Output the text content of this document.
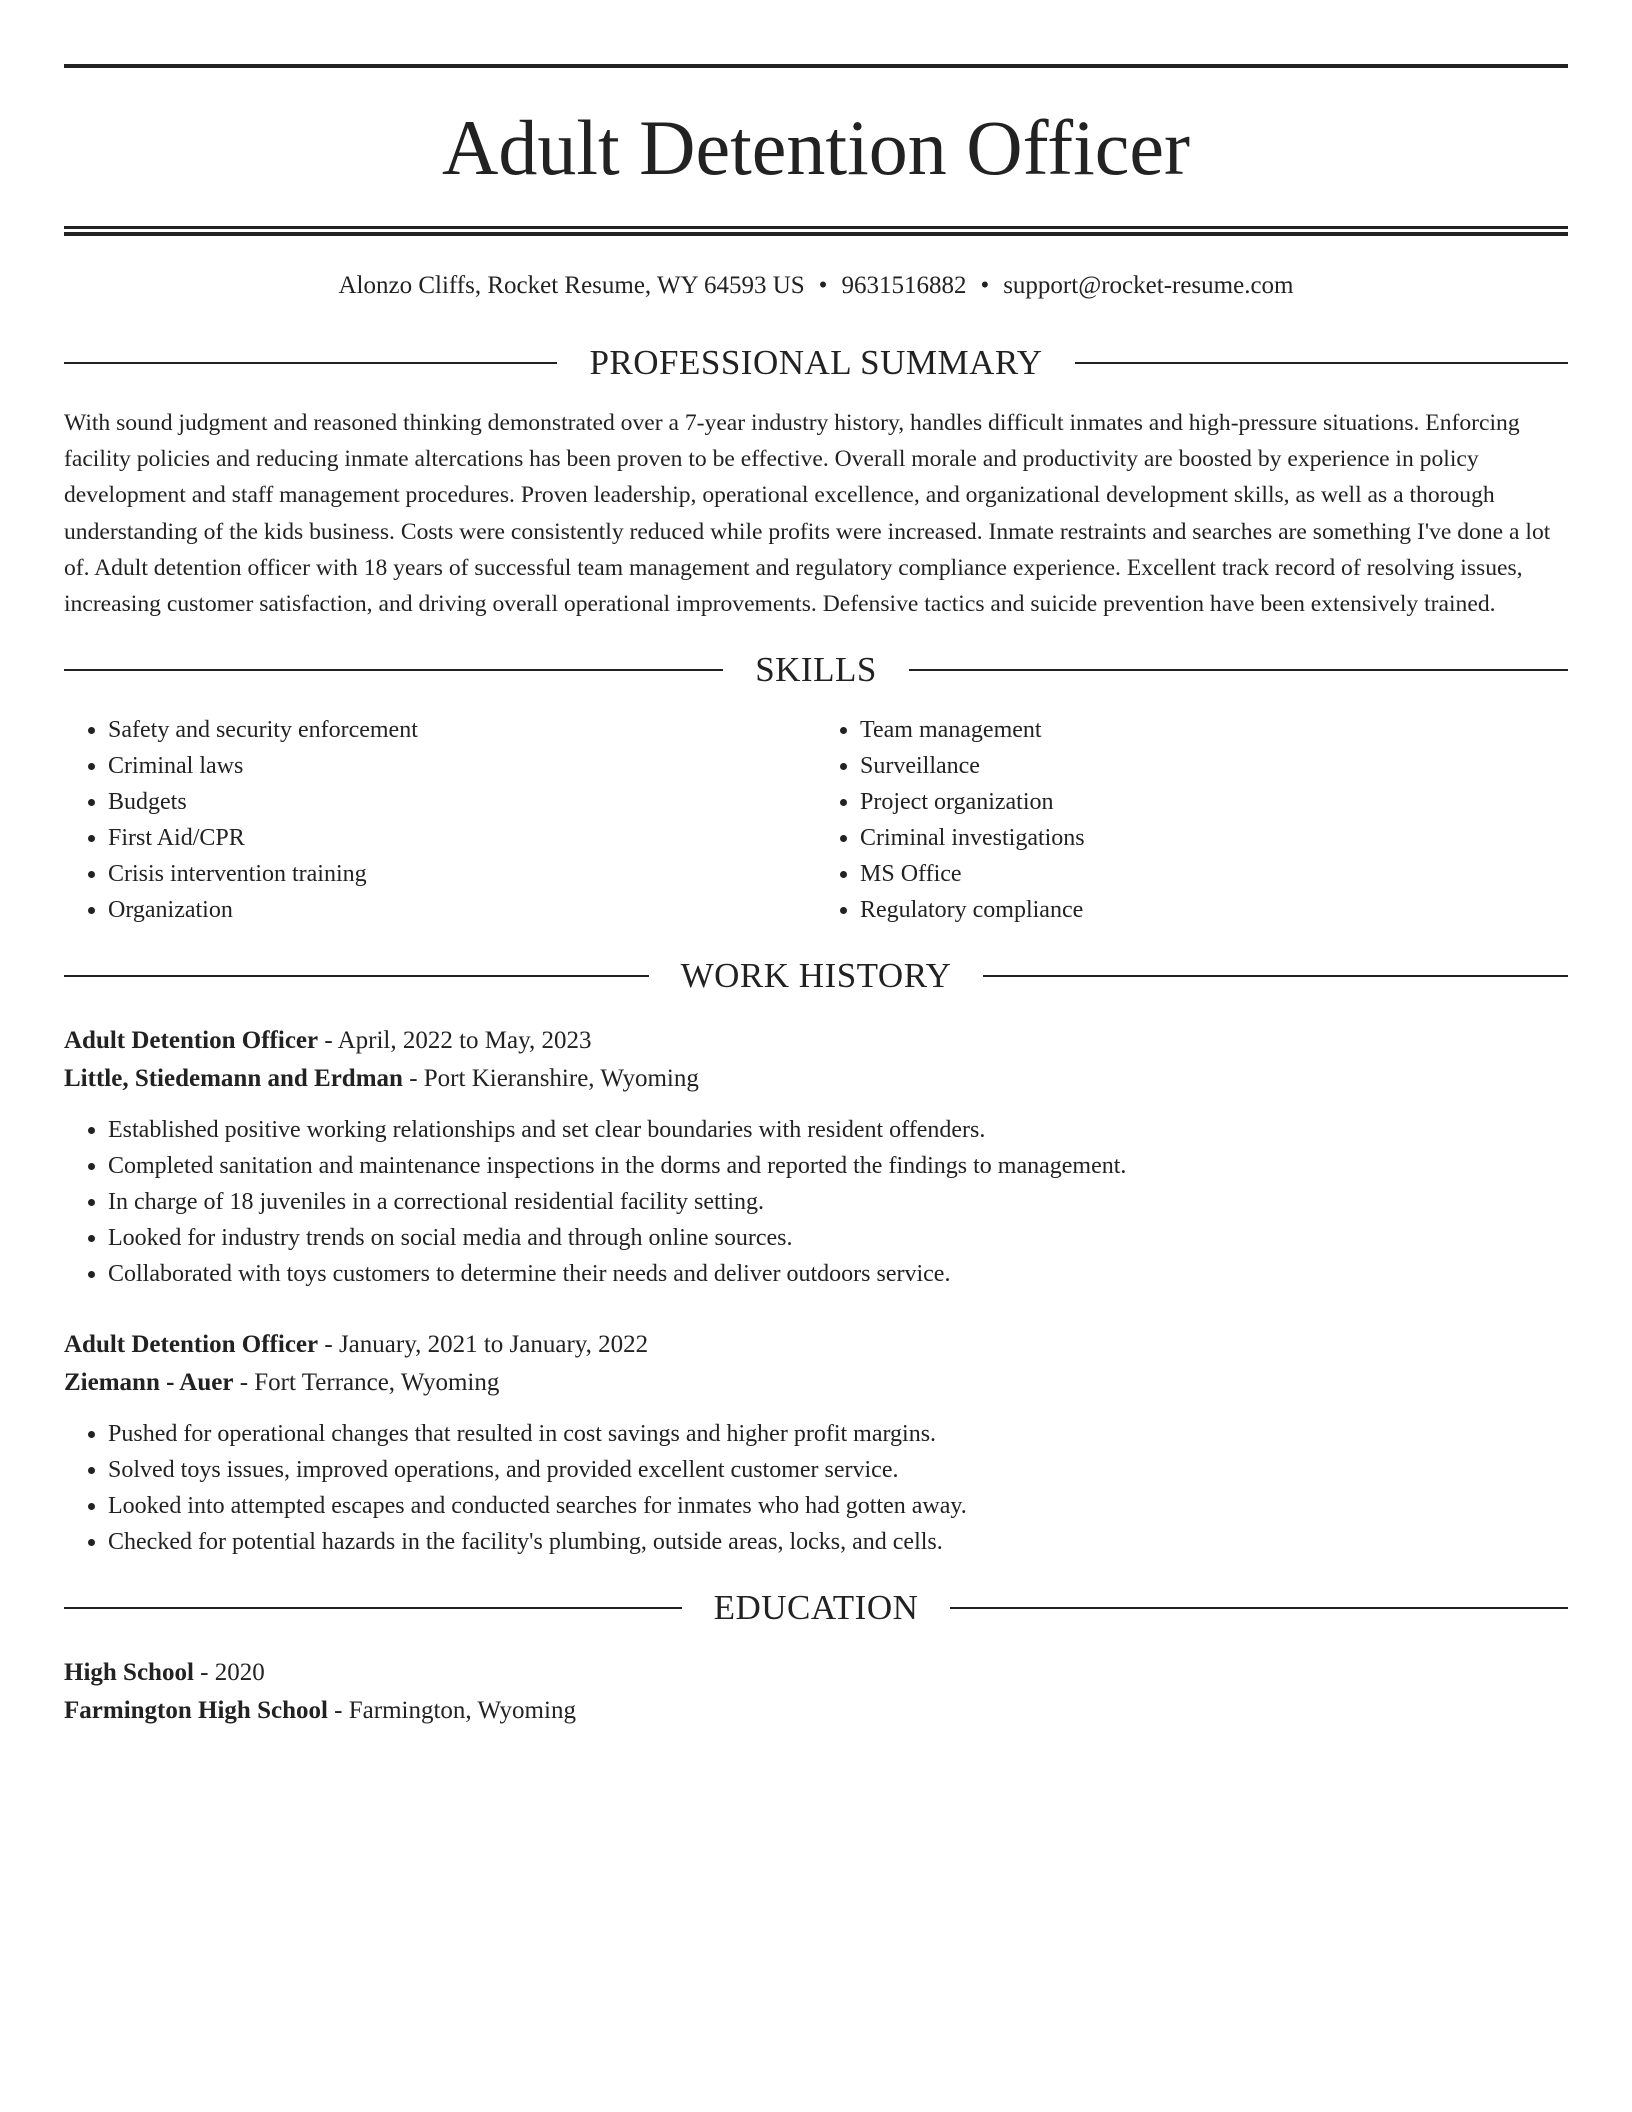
Adult Detention Officer
Alonzo Cliffs, Rocket Resume, WY 64593 US • 9631516882 • support@rocket-resume.com
PROFESSIONAL SUMMARY

With sound judgment and reasoned thinking demonstrated over a 7-year industry history, handles difficult inmates and high-pressure situations. Enforcing facility policies and reducing inmate altercations has been proven to be effective. Overall morale and productivity are boosted by experience in policy development and staff management procedures. Proven leadership, operational excellence, and organizational development skills, as well as a thorough understanding of the kids business. Costs were consistently reduced while profits were increased. Inmate restraints and searches are something I've done a lot of. Adult detention officer with 18 years of successful team management and regulatory compliance experience. Excellent track record of resolving issues, increasing customer satisfaction, and driving overall operational improvements. Defensive tactics and suicide prevention have been extensively trained.

SKILLS
• Safety and security enforcement
• Criminal laws
• Budgets
• First Aid/CPR
• Crisis intervention training
• Organization
• Team management
• Surveillance
• Project organization
• Criminal investigations
• MS Office
• Regulatory compliance
WORK HISTORY
Adult Detention Officer - April, 2022 to May, 2023
Little, Stiedemann and Erdman - Port Kieranshire, Wyoming
• Established positive working relationships and set clear boundaries with resident offenders.
• Completed sanitation and maintenance inspections in the dorms and reported the findings to management.
• In charge of 18 juveniles in a correctional residential facility setting.
• Looked for industry trends on social media and through online sources.
• Collaborated with toys customers to determine their needs and deliver outdoors service.
Adult Detention Officer - January, 2021 to January, 2022
Ziemann - Auer - Fort Terrance, Wyoming
• Pushed for operational changes that resulted in cost savings and higher profit margins.
• Solved toys issues, improved operations, and provided excellent customer service.
• Looked into attempted escapes and conducted searches for inmates who had gotten away.
• Checked for potential hazards in the facility's plumbing, outside areas, locks, and cells.
EDUCATION
High School - 2020
Farmington High School - Farmington, Wyoming
